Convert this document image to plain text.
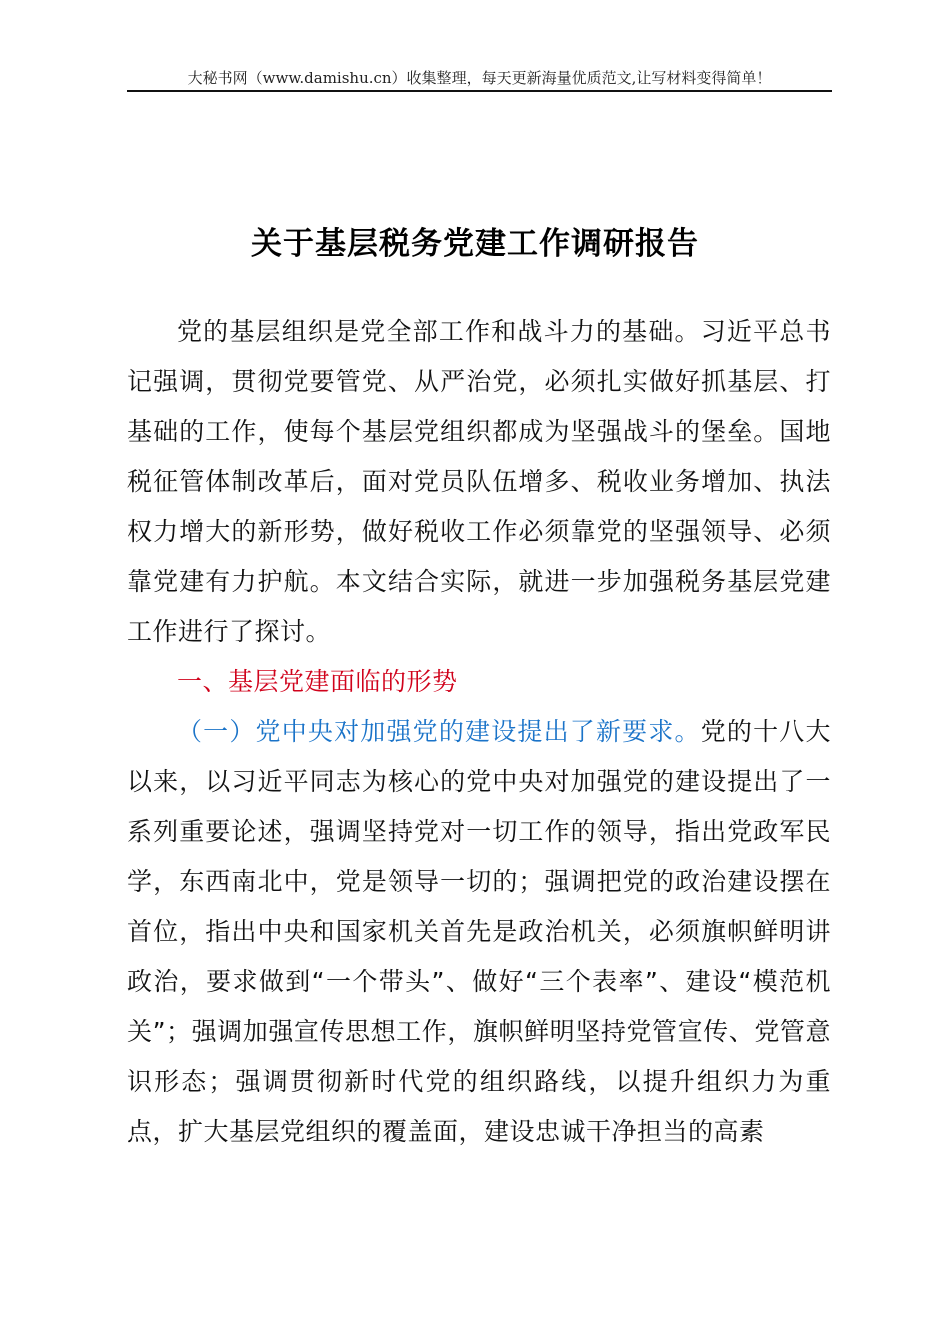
大秘书网（www.damishu.cn）收集整理，每天更新海量优质范文,让写材料变得简单！
关于基层税务党建工作调研报告

党的基层组织是党全部工作和战斗力的基础。习近平总书记强调，贯彻党要管党、从严治党，必须扎实做好抓基层、打基础的工作，使每个基层党组织都成为坚强战斗的堡垒。国地税征管体制改革后，面对党员队伍增多、税收业务增加、执法权力增大的新形势，做好税收工作必须靠党的坚强领导、必须靠党建有力护航。本文结合实际，就进一步加强税务基层党建工作进行了探讨。

一、基层党建面临的形势

（一）党中央对加强党的建设提出了新要求。党的十八大以来，以习近平同志为核心的党中央对加强党的建设提出了一系列重要论述，强调坚持党对一切工作的领导，指出党政军民学，东西南北中，党是领导一切的；强调把党的政治建设摆在首位，指出中央和国家机关首先是政治机关，必须旗帜鲜明讲政治，要求做到“一个带头”、做好“三个表率”、建设“模范机关”；强调加强宣传思想工作，旗帜鲜明坚持党管宣传、党管意识形态；强调贯彻新时代党的组织路线，以提升组织力为重点，扩大基层党组织的覆盖面，建设忠诚干净担当的高素
